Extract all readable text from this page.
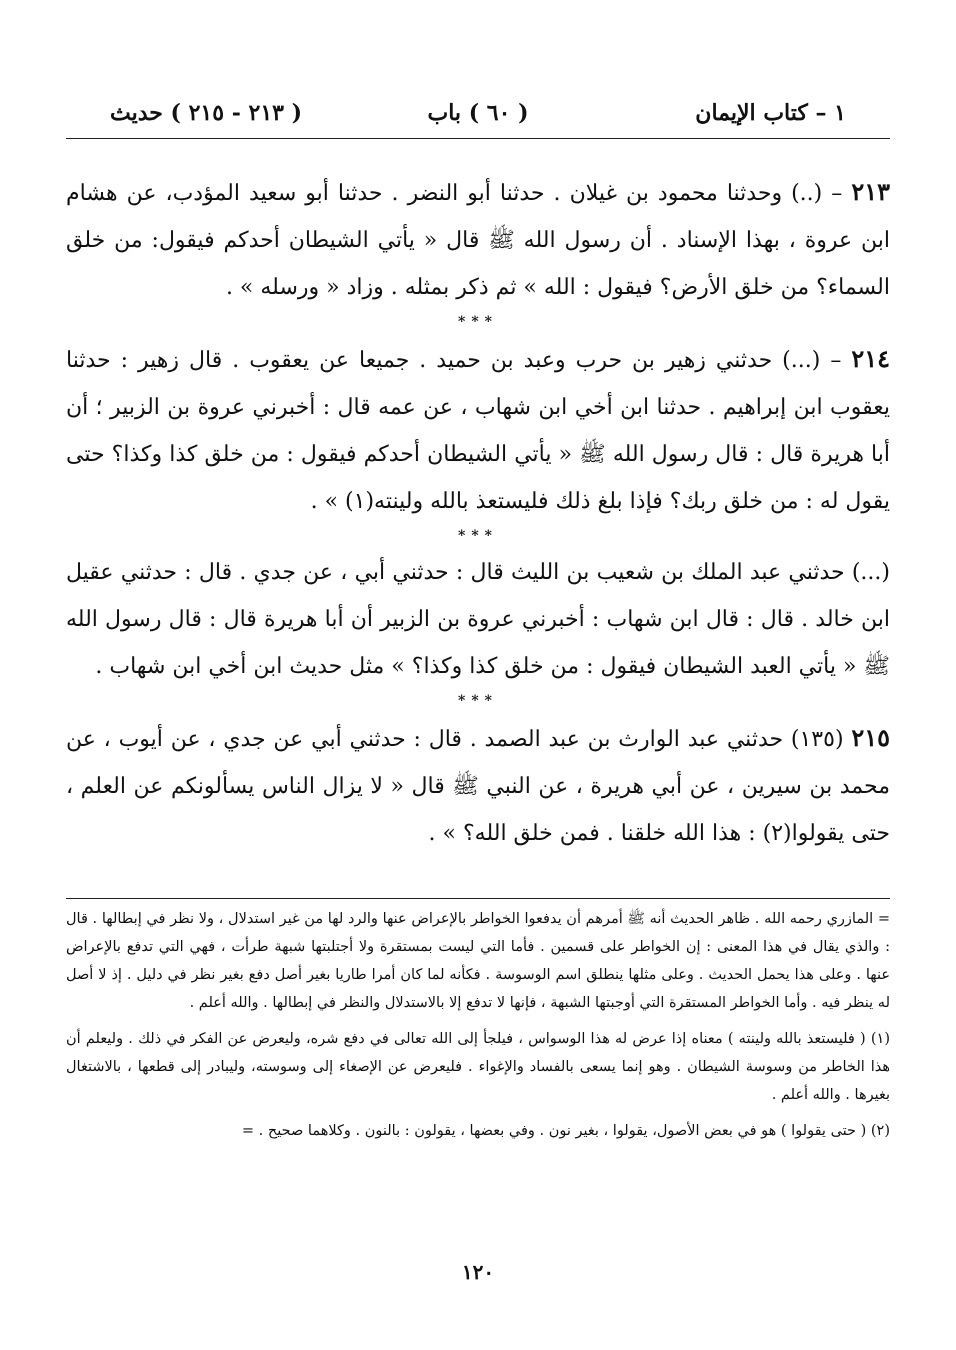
١ – كتاب الإيمان
( ٦٠ ) باب
( ٢١٣ - ٢١٥ ) حديث

٢١٣ – (..) وحدثنا محمود بن غيلان . حدثنا أبو النضر . حدثنا أبو سعيد المؤدب، عن هشام ابن عروة ، بهذا الإسناد . أن رسول الله ﷺ قال « يأتي الشيطان أحدكم فيقول: من خلق السماء؟ من خلق الأرض؟ فيقول : الله » ثم ذكر بمثله . وزاد « ورسله » .

***

٢١٤ – (...) حدثني زهير بن حرب وعبد بن حميد . جميعا عن يعقوب . قال زهير : حدثنا يعقوب ابن إبراهيم . حدثنا ابن أخي ابن شهاب ، عن عمه قال : أخبرني عروة بن الزبير ؛ أن أبا هريرة قال : قال رسول الله ﷺ « يأتي الشيطان أحدكم فيقول : من خلق كذا وكذا؟ حتى يقول له : من خلق ربك؟ فإذا بلغ ذلك فليستعذ بالله ولينته(١) » .

***

(...) حدثني عبد الملك بن شعيب بن الليث قال : حدثني أبي ، عن جدي . قال : حدثني عقيل ابن خالد . قال : قال ابن شهاب : أخبرني عروة بن الزبير أن أبا هريرة قال : قال رسول الله ﷺ « يأتي العبد الشيطان فيقول : من خلق كذا وكذا؟ » مثل حديث ابن أخي ابن شهاب .

***

٢١٥ (١٣٥) حدثني عبد الوارث بن عبد الصمد . قال : حدثني أبي عن جدي ، عن أيوب ، عن محمد بن سيرين ، عن أبي هريرة ، عن النبي ﷺ قال « لا يزال الناس يسألونكم عن العلم ، حتى يقولوا(٢) : هذا الله خلقنا . فمن خلق الله؟ » .

= المازري رحمه الله . ظاهر الحديث أنه ﷺ أمرهم أن يدفعوا الخواطر بالإعراض عنها والرد لها من غير استدلال ، ولا نظر في إبطالها . قال : والذي يقال في هذا المعنى : إن الخواطر على قسمين . فأما التي ليست بمستقرة ولا أجتلبتها شبهة طرأت ، فهي التي تدفع بالإعراض عنها . وعلى هذا يحمل الحديث . وعلى مثلها ينطلق اسم الوسوسة . فكأنه لما كان أمرا طاريا بغير أصل دفع بغير نظر في دليل . إذ لا أصل له ينظر فيه . وأما الخواطر المستقرة التي أوجبتها الشبهة ، فإنها لا تدفع إلا بالاستدلال والنظر في إبطالها . والله أعلم .

(١) ( فليستعذ بالله ولينته ) معناه إذا عرض له هذا الوسواس ، فيلجأ إلى الله تعالى في دفع شره، وليعرض عن الفكر في ذلك . وليعلم أن هذا الخاطر من وسوسة الشيطان . وهو إنما يسعى بالفساد والإغواء . فليعرض عن الإصغاء إلى وسوسته، وليبادر إلى قطعها ، بالاشتغال بغيرها . والله أعلم .

(٢) ( حتى يقولوا ) هو في بعض الأصول، يقولوا ، بغير نون . وفي بعضها ، يقولون : بالنون . وكلاهما صحيح . =

١٢٠
